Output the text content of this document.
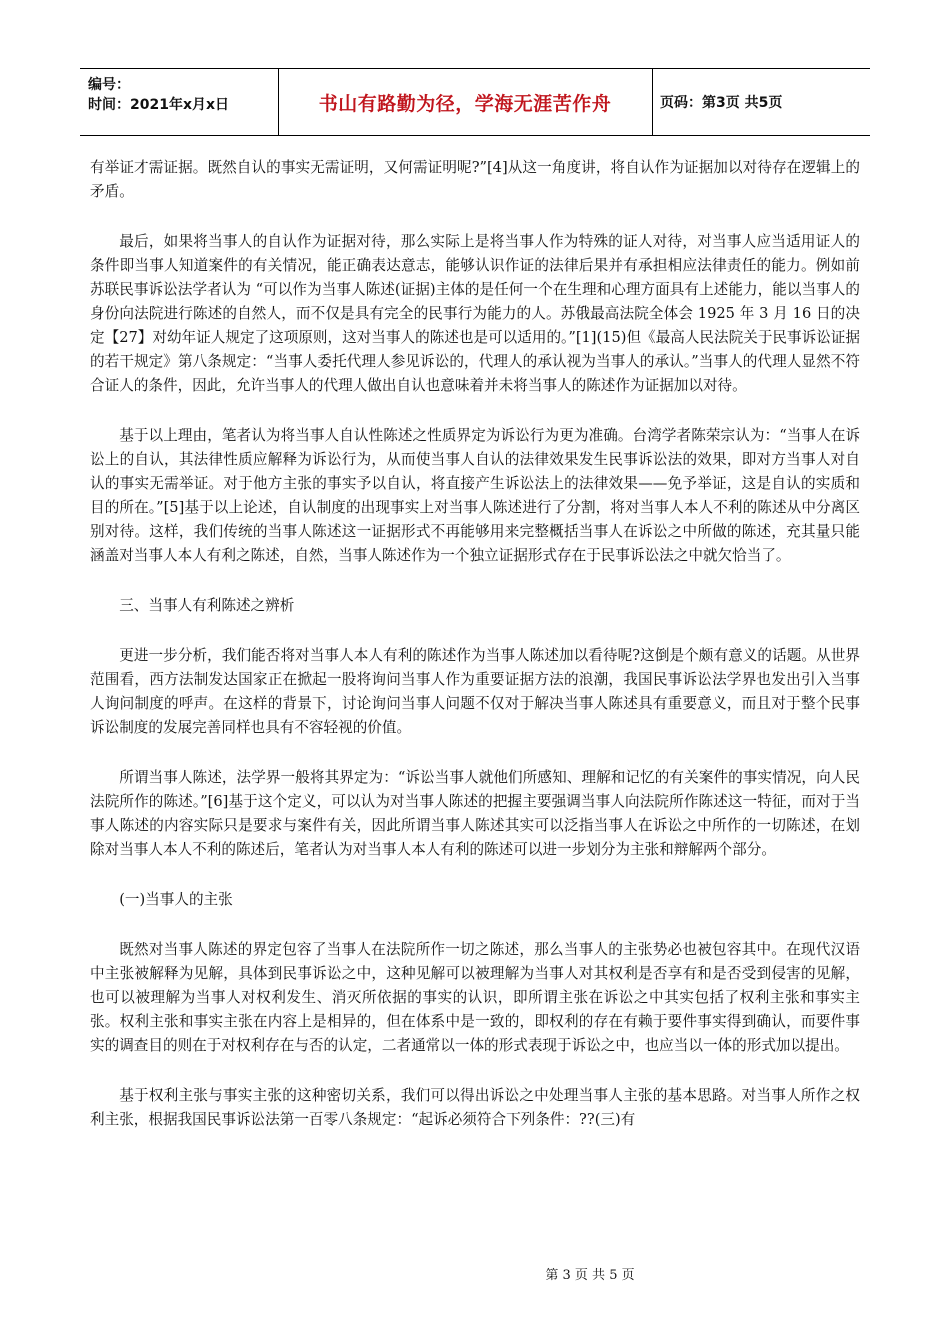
编号：
时间：2021年x月x日	书山有路勤为径，学海无涯苦作舟	页码：第3页 共5页

有举证才需证据。既然自认的事实无需证明，又何需证明呢?”[4]从这一角度讲，将自认作为证据加以对待存在逻辑上的矛盾。

最后，如果将当事人的自认作为证据对待，那么实际上是将当事人作为特殊的证人对待，对当事人应当适用证人的条件即当事人知道案件的有关情况，能正确表达意志，能够认识作证的法律后果并有承担相应法律责任的能力。例如前苏联民事诉讼法学者认为 “可以作为当事人陈述(证据)主体的是任何一个在生理和心理方面具有上述能力，能以当事人的身份向法院进行陈述的自然人，而不仅是具有完全的民事行为能力的人。苏俄最高法院全体会 1925 年 3 月 16 日的决定【27】对幼年证人规定了这项原则，这对当事人的陈述也是可以适用的。”[1](15)但《最高人民法院关于民事诉讼证据的若干规定》第八条规定：“当事人委托代理人参见诉讼的，代理人的承认视为当事人的承认。”当事人的代理人显然不符合证人的条件，因此，允许当事人的代理人做出自认也意味着并未将当事人的陈述作为证据加以对待。

基于以上理由，笔者认为将当事人自认性陈述之性质界定为诉讼行为更为准确。台湾学者陈荣宗认为：“当事人在诉讼上的自认，其法律性质应解释为诉讼行为，从而使当事人自认的法律效果发生民事诉讼法的效果，即对方当事人对自认的事实无需举证。对于他方主张的事实予以自认，将直接产生诉讼法上的法律效果——免予举证，这是自认的实质和目的所在。”[5]基于以上论述，自认制度的出现事实上对当事人陈述进行了分割，将对当事人本人不利的陈述从中分离区别对待。这样，我们传统的当事人陈述这一证据形式不再能够用来完整概括当事人在诉讼之中所做的陈述，充其量只能涵盖对当事人本人有利之陈述，自然，当事人陈述作为一个独立证据形式存在于民事诉讼法之中就欠恰当了。

三、当事人有利陈述之辨析

更进一步分析，我们能否将对当事人本人有利的陈述作为当事人陈述加以看待呢?这倒是个颇有意义的话题。从世界范围看，西方法制发达国家正在掀起一股将询问当事人作为重要证据方法的浪潮，我国民事诉讼法学界也发出引入当事人询问制度的呼声。在这样的背景下，讨论询问当事人问题不仅对于解决当事人陈述具有重要意义，而且对于整个民事诉讼制度的发展完善同样也具有不容轻视的价值。

所谓当事人陈述，法学界一般将其界定为：“诉讼当事人就他们所感知、理解和记忆的有关案件的事实情况，向人民法院所作的陈述。”[6]基于这个定义，可以认为对当事人陈述的把握主要强调当事人向法院所作陈述这一特征，而对于当事人陈述的内容实际只是要求与案件有关，因此所谓当事人陈述其实可以泛指当事人在诉讼之中所作的一切陈述，在划除对当事人本人不利的陈述后，笔者认为对当事人本人有利的陈述可以进一步划分为主张和辩解两个部分。

(一)当事人的主张

既然对当事人陈述的界定包容了当事人在法院所作一切之陈述，那么当事人的主张势必也被包容其中。在现代汉语中主张被解释为见解，具体到民事诉讼之中，这种见解可以被理解为当事人对其权利是否享有和是否受到侵害的见解，也可以被理解为当事人对权利发生、消灭所依据的事实的认识，即所谓主张在诉讼之中其实包括了权利主张和事实主张。权利主张和事实主张在内容上是相异的，但在体系中是一致的，即权利的存在有赖于要件事实得到确认，而要件事实的调查目的则在于对权利存在与否的认定，二者通常以一体的形式表现于诉讼之中，也应当以一体的形式加以提出。

基于权利主张与事实主张的这种密切关系，我们可以得出诉讼之中处理当事人主张的基本思路。对当事人所作之权利主张，根据我国民事诉讼法第一百零八条规定：“起诉必须符合下列条件：??(三)有

第 3 页 共 5 页
